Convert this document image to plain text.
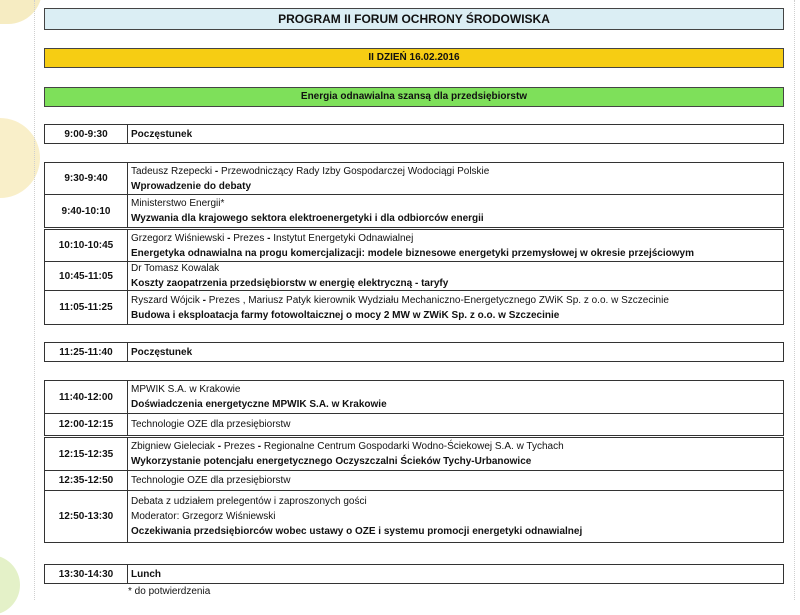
PROGRAM II FORUM OCHRONY ŚRODOWISKA
II DZIEŃ 16.02.2016
Energia odnawialna szansą dla przedsiębiorstw
9:00-9:30	Poczęstunek
9:30-9:40
Tadeusz Rzepecki - Przewodniczący Rady Izby Gospodarczej Wodociągi Polskie
Wprowadzenie do debaty
9:40-10:10
Ministerstwo Energii*
Wyzwania dla krajowego sektora elektroenergetyki i dla odbiorców energii
10:10-10:45
Grzegorz Wiśniewski - Prezes - Instytut Energetyki Odnawialnej
Energetyka odnawialna na progu komercjalizacji: modele biznesowe energetyki przemysłowej w okresie przejściowym
10:45-11:05
Dr Tomasz Kowalak
Koszty zaopatrzenia przedsiębiorstw w energię elektryczną - taryfy
11:05-11:25
Ryszard Wójcik - Prezes , Mariusz Patyk kierownik Wydziału Mechaniczno-Energetycznego ZWiK Sp. z o.o. w Szczecinie
Budowa i eksploatacja farmy fotowoltaicznej o mocy 2 MW w ZWiK Sp. z o.o. w Szczecinie
11:25-11:40	Poczęstunek
11:40-12:00
MPWIK S.A. w Krakowie
Doświadczenia energetyczne MPWIK S.A. w Krakowie
12:00-12:15	Technologie OZE dla przesiębiorstw
12:15-12:35
Zbigniew Gieleciak - Prezes - Regionalne Centrum Gospodarki Wodno-Ściekowej S.A. w Tychach
Wykorzystanie potencjału energetycznego Oczyszczalni Ścieków Tychy-Urbanowice
12:35-12:50	Technologie OZE dla przesiębiorstw
12:50-13:30
Debata z udziałem prelegentów i zaproszonych gości
Moderator: Grzegorz Wiśniewski
Oczekiwania przedsiębiorców wobec ustawy o OZE i systemu promocji energetyki odnawialnej
13:30-14:30	Lunch
* do potwierdzenia
